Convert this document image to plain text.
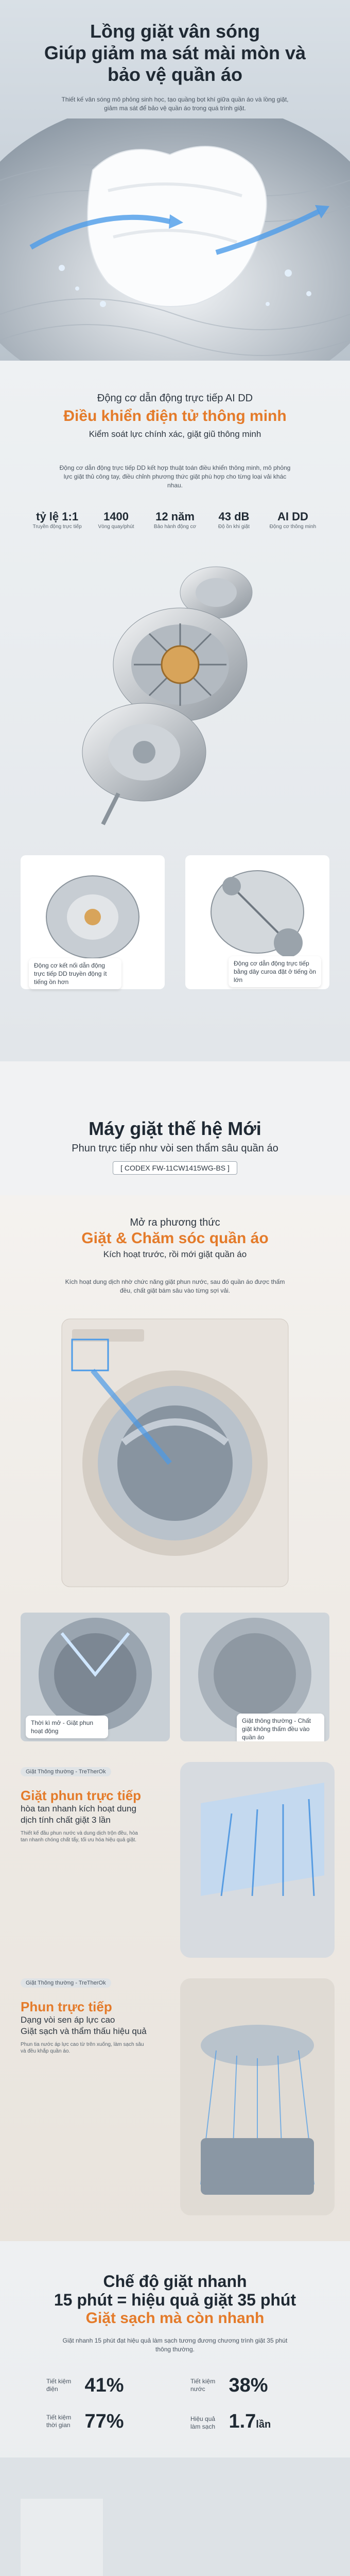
Lồng giặt vân sóng
Giúp giảm ma sát mài mòn và
bảo vệ quần áo
Thiết kế vân sóng mô phỏng sinh học, tạo quầng bọt khí giữa quần áo và lồng giặt, giảm ma sát để bảo vệ quần áo trong quá trình giặt.
Động cơ dẫn động trực tiếp AI DD
Điều khiển điện tử thông minh
Kiểm soát lực chính xác, giặt giũ thông minh
Động cơ dẫn động trực tiếp DD kết hợp thuật toán điều khiển thông minh, mô phỏng lực giặt thủ công tay, điều chỉnh phương thức giặt phù hợp cho từng loại vải khác nhau.
tỷ lệ 1:1
Truyền động trực tiếp

1400
Vòng quay/phút

12 năm
Bảo hành động cơ

43 dB
Độ ồn khi giặt

AI DD
Động cơ thông minh
Động cơ kết nối dẫn động trực tiếp DD truyền động ít tiếng ồn hơn
Động cơ dẫn động trực tiếp bằng dây curoa đặt ở tiếng ồn lớn
Máy giặt thế hệ Mới
Phun trực tiếp như vòi sen thẩm sâu quần áo
[ CODEX FW-11CW1415WG-BS ]
Mở ra phương thức
Giặt & Chăm sóc quần áo
Kích hoạt trước, rồi mới giặt quần áo
Kích hoạt dung dịch nhờ chức năng giặt phun nước, sau đó quần áo được thấm đều, chất giặt bám sâu vào từng sợi vải.
Thời kì mở - Giặt phun hoạt động
Giặt thông thường - Chất giặt không thấm đều vào quần áo
Giặt Thông thường - TreTherOk
Giặt phun trực tiếp
hòa tan nhanh kích hoạt dung
dịch tính chất giặt 3 lần
Thiết kế đầu phun nước và dung dịch trộn đều, hòa tan nhanh chóng chất tẩy, tối ưu hóa hiệu quả giặt.
Giặt Thông thường - TreTherOk
Phun trực tiếp
Dạng vòi sen áp lực cao
Giặt sạch và thẩm thấu hiệu quả
Phun tia nước áp lực cao từ trên xuống, làm sạch sâu và đều khắp quần áo.
Chế độ giặt nhanh
15 phút = hiệu quả giặt 35 phút
Giặt sạch mà còn nhanh
Giặt nhanh 15 phút đạt hiệu quả làm sạch tương đương chương trình giặt 35 phút thông thường.
Tiết kiệm điện 41%	Tiết kiệm nước 38%
Tiết kiệm thời gian 77%	Hiệu quả làm sạch 1.7lần
